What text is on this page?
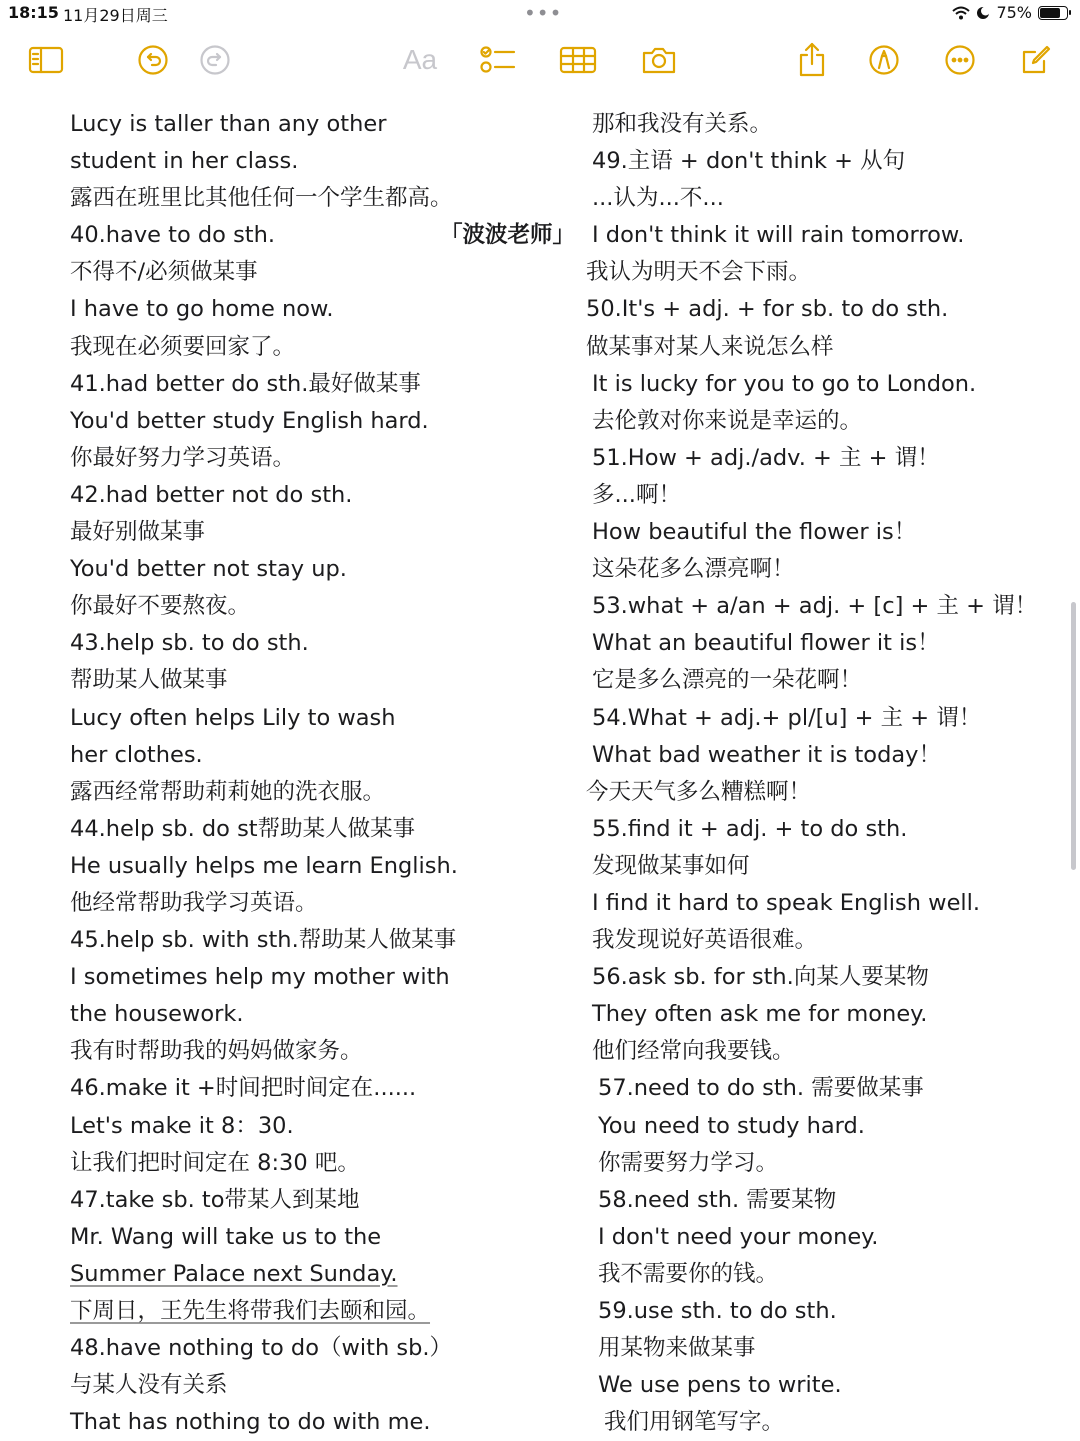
18:15 11月29日周三	•••	75%
Aa
Lucy is taller than any other
student in her class.
露西在班里比其他任何一个学生都高。
40.have to do sth.	「波波老师」
不得不/必须做某事
I have to go home now.
我现在必须要回家了。
41.had better do sth.最好做某事
You'd better study English hard.
你最好努力学习英语。
42.had better not do sth.
最好别做某事
You'd better not stay up.
你最好不要熬夜。
43.help sb. to do sth.
帮助某人做某事
Lucy often helps Lily to wash
her clothes.
露西经常帮助莉莉她的洗衣服。
44.help sb. do st帮助某人做某事
He usually helps me learn English.
他经常帮助我学习英语。
45.help sb. with sth.帮助某人做某事
I sometimes help my mother with
the housework.
我有时帮助我的妈妈做家务。
46.make it +时间把时间定在......
Let's make it 8：30.
让我们把时间定在 8:30 吧。
47.take sb. to带某人到某地
Mr. Wang will take us to the
Summer Palace next Sunday.
下周日，王先生将带我们去颐和园。
48.have nothing to do（with sb.）
与某人没有关系
That has nothing to do with me.
那和我没有关系。
49.主语 + don't think + 从句
...认为...不...
I don't think it will rain tomorrow.
我认为明天不会下雨。
50.It's + adj. + for sb. to do sth.
做某事对某人来说怎么样
It is lucky for you to go to London.
去伦敦对你来说是幸运的。
51.How + adj./adv. + 主 + 谓！
多...啊！
How beautiful the flower is！
这朵花多么漂亮啊！
53.what + a/an + adj. + [c] + 主 + 谓！
What an beautiful flower it is！
它是多么漂亮的一朵花啊！
54.What + adj.+ pl/[u] + 主 + 谓！
What bad weather it is today！
今天天气多么糟糕啊！
55.find it + adj. + to do sth.
发现做某事如何
I find it hard to speak English well.
我发现说好英语很难。
56.ask sb. for sth.向某人要某物
They often ask me for money.
他们经常向我要钱。
57.need to do sth. 需要做某事
You need to study hard.
你需要努力学习。
58.need sth. 需要某物
I don't need your money.
我不需要你的钱。
59.use sth. to do sth.
用某物来做某事
We use pens to write.
我们用钢笔写字。
